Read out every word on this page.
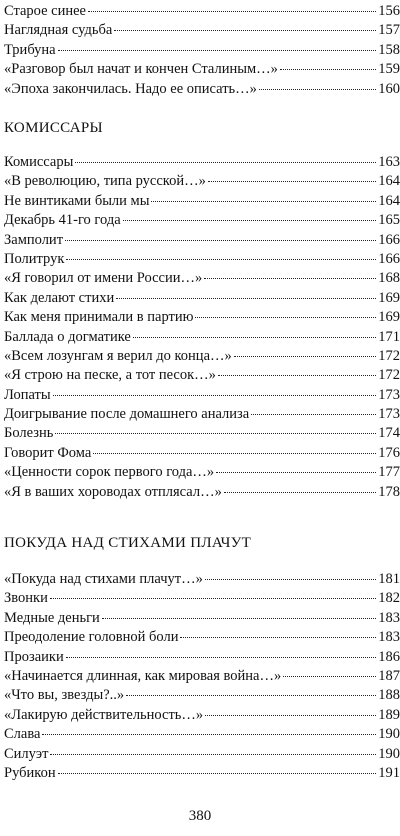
Старое синее	156
Наглядная судьба	157
Трибуна	158
«Разговор был начат и кончен Сталиным…»	159
«Эпоха закончилась. Надо ее описать…»	160
КОМИССАРЫ
Комиссары	163
«В революцию, типа русской…»	164
Не винтиками были мы	164
Декабрь 41-го года	165
Замполит	166
Политрук	166
«Я говорил от имени России…»	168
Как делают стихи	169
Как меня принимали в партию	169
Баллада о догматике	171
«Всем лозунгам я верил до конца…»	172
«Я строю на песке, а тот песок…»	172
Лопаты	173
Доигрывание после домашнего анализа	173
Болезнь	174
Говорит Фома	176
«Ценности сорок первого года…»	177
«Я в ваших хороводах отплясал…»	178
ПОКУДА НАД СТИХАМИ ПЛАЧУТ
«Покуда над стихами плачут…»	181
Звонки	182
Медные деньги	183
Преодоление головной боли	183
Прозаики	186
«Начинается длинная, как мировая война…»	187
«Что вы, звезды?..»	188
«Лакирую действительность…»	189
Слава	190
Силуэт	190
Рубикон	191
380
